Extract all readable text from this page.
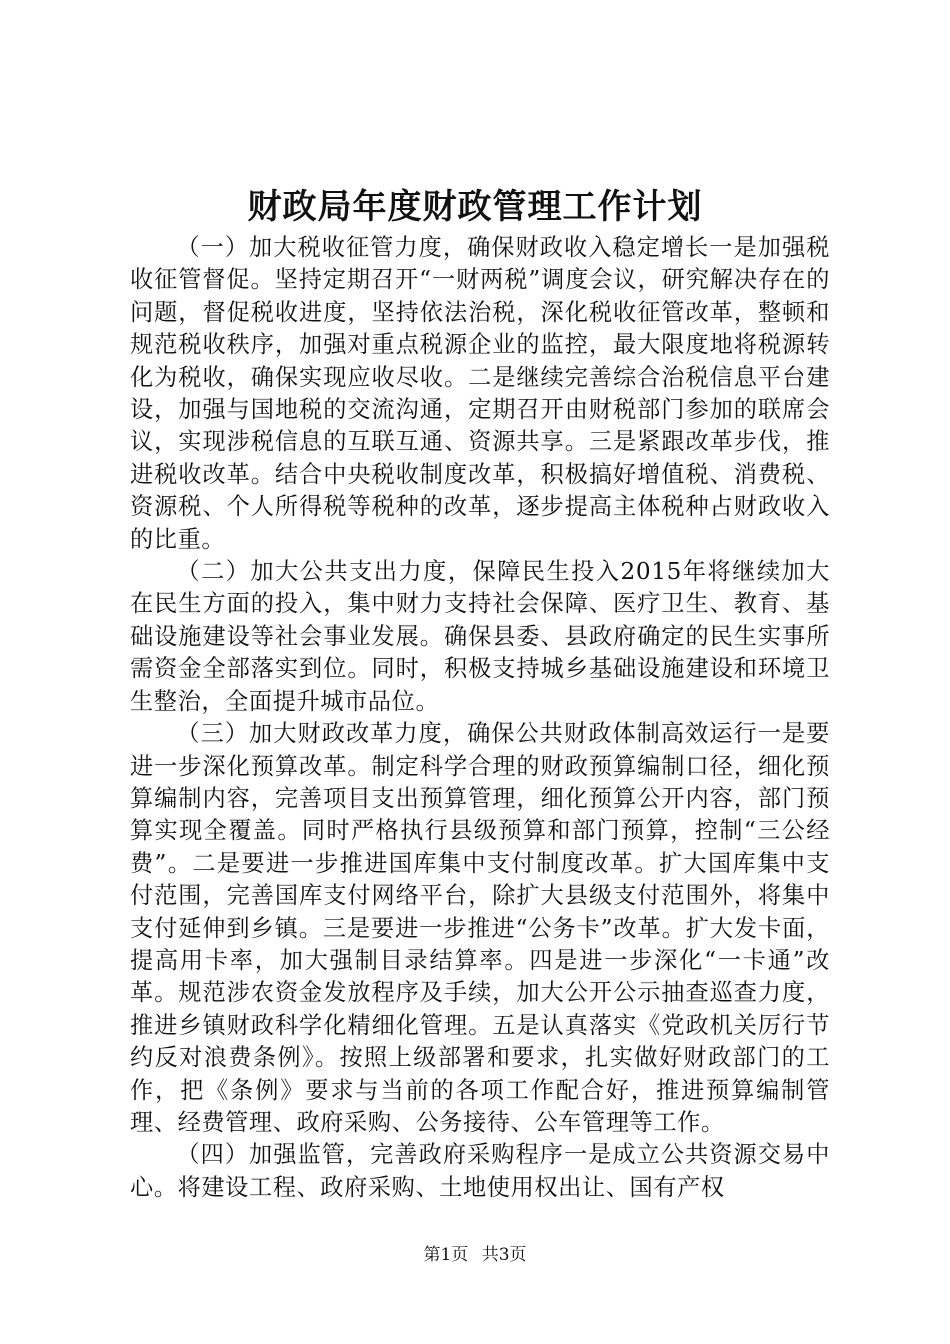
财政局年度财政管理工作计划

（一）加大税收征管力度，确保财政收入稳定增长一是加强税收征管督促。坚持定期召开“一财两税”调度会议，研究解决存在的问题，督促税收进度，坚持依法治税，深化税收征管改革，整顿和规范税收秩序，加强对重点税源企业的监控，最大限度地将税源转化为税收，确保实现应收尽收。二是继续完善综合治税信息平台建设，加强与国地税的交流沟通，定期召开由财税部门参加的联席会议，实现涉税信息的互联互通、资源共享。三是紧跟改革步伐，推进税收改革。结合中央税收制度改革，积极搞好增值税、消费税、资源税、个人所得税等税种的改革，逐步提高主体税种占财政收入的比重。

（二）加大公共支出力度，保障民生投入2015年将继续加大在民生方面的投入，集中财力支持社会保障、医疗卫生、教育、基础设施建设等社会事业发展。确保县委、县政府确定的民生实事所需资金全部落实到位。同时，积极支持城乡基础设施建设和环境卫生整治，全面提升城市品位。

（三）加大财政改革力度，确保公共财政体制高效运行一是要进一步深化预算改革。制定科学合理的财政预算编制口径，细化预算编制内容，完善项目支出预算管理，细化预算公开内容，部门预算实现全覆盖。同时严格执行县级预算和部门预算，控制“三公经费”。二是要进一步推进国库集中支付制度改革。扩大国库集中支付范围，完善国库支付网络平台，除扩大县级支付范围外，将集中支付延伸到乡镇。三是要进一步推进“公务卡”改革。扩大发卡面，提高用卡率，加大强制目录结算率。四是进一步深化“一卡通”改革。规范涉农资金发放程序及手续，加大公开公示抽查巡查力度，推进乡镇财政科学化精细化管理。五是认真落实《党政机关厉行节约反对浪费条例》。按照上级部署和要求，扎实做好财政部门的工作，把《条例》要求与当前的各项工作配合好，推进预算编制管理、经费管理、政府采购、公务接待、公车管理等工作。

（四）加强监管，完善政府采购程序一是成立公共资源交易中心。将建设工程、政府采购、土地使用权出让、国有产权

第1页 共3页
